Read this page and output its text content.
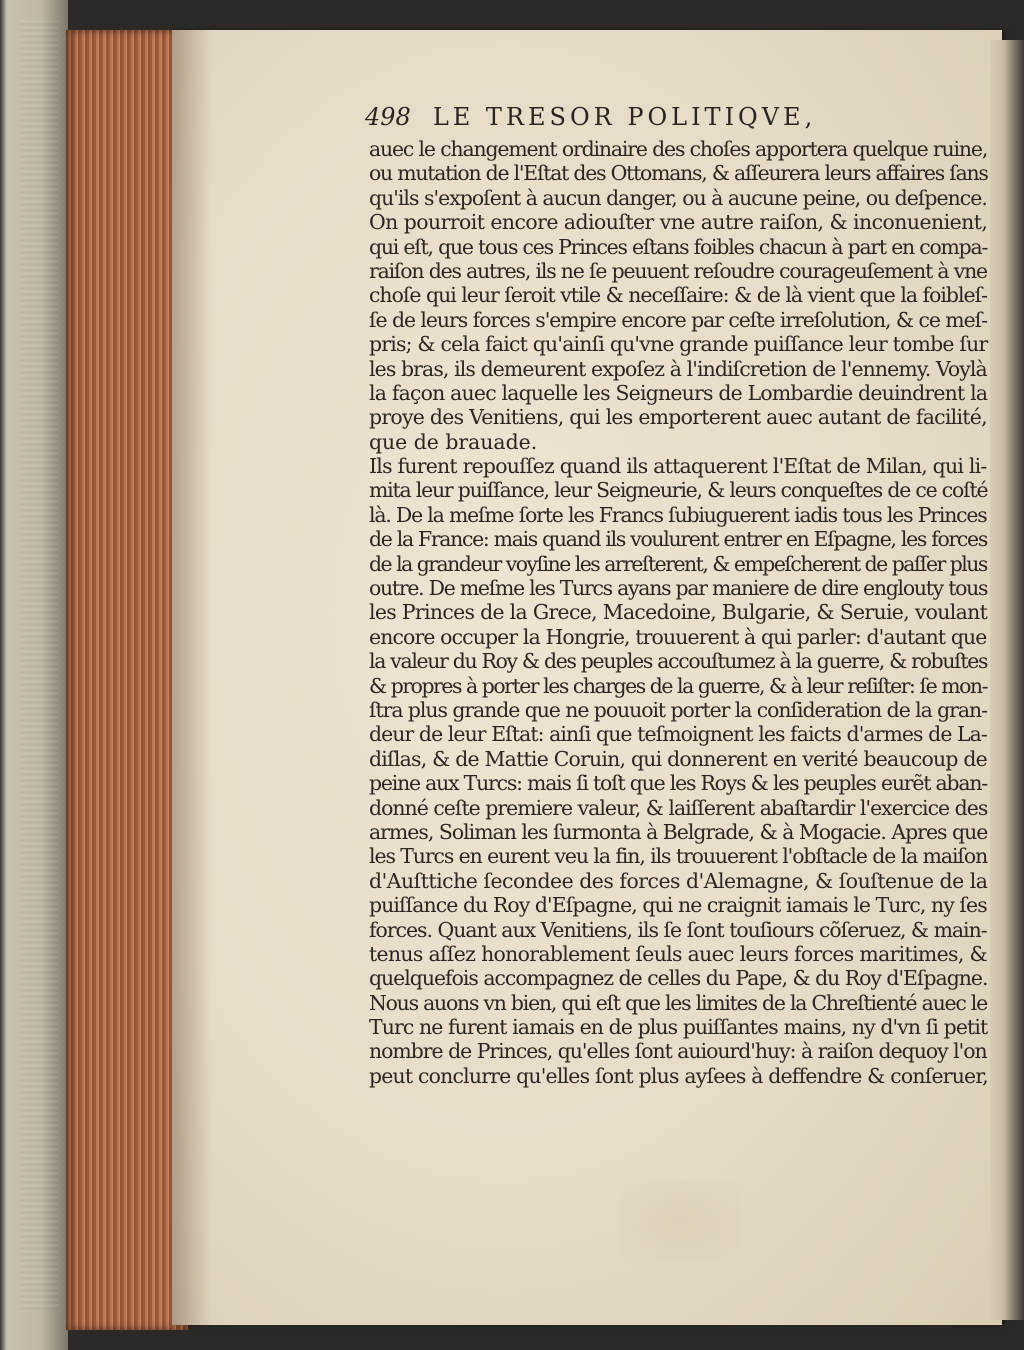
498 LE TRESOR POLITIQVE,
auec le changement ordinaire des choſes apportera quelque ruine,
ou mutation de l'Eſtat des Ottomans, & aſſeurera leurs affaires ſans
qu'ils s'expoſent à aucun danger, ou à aucune peine, ou deſpence.
On pourroit encore adiouſter vne autre raiſon, & inconuenient,
qui eſt, que tous ces Princes eſtans foibles chacun à part en compa-
raiſon des autres, ils ne ſe peuuent reſoudre courageuſement à vne
choſe qui leur ſeroit vtile & neceſſaire: & de là vient que la foibleſ-
ſe de leurs forces s'empire encore par ceſte irreſolution, & ce meſ-
pris; & cela faict qu'ainſi qu'vne grande puiſſance leur tombe ſur
les bras, ils demeurent expoſez à l'indiſcretion de l'ennemy. Voylà
la façon auec laquelle les Seigneurs de Lombardie deuindrent la
proye des Venitiens, qui les emporterent auec autant de facilité,
que de brauade.
Ils furent repouſſez quand ils attaquerent l'Eſtat de Milan, qui li-
mita leur puiſſance, leur Seigneurie, & leurs conqueſtes de ce coſté
là. De la meſme ſorte les Francs ſubiuguerent iadis tous les Princes
de la France: mais quand ils voulurent entrer en Eſpagne, les forces
de la grandeur voyſine les arreſterent, & empeſcherent de paſſer plus
outre. De meſme les Turcs ayans par maniere de dire englouty tous
les Princes de la Grece, Macedoine, Bulgarie, & Seruie, voulant
encore occuper la Hongrie, trouuerent à qui parler: d'autant que
la valeur du Roy & des peuples accouſtumez à la guerre, & robuſtes
& propres à porter les charges de la guerre, & à leur reſiſter: ſe mon-
ſtra plus grande que ne pouuoit porter la conſideration de la gran-
deur de leur Eſtat: ainſi que teſmoignent les faicts d'armes de La-
diſlas, & de Mattie Coruin, qui donnerent en verité beaucoup de
peine aux Turcs: mais ſi toſt que les Roys & les peuples eurẽt aban-
donné ceſte premiere valeur, & laiſſerent abaſtardir l'exercice des
armes, Soliman les ſurmonta à Belgrade, & à Mogacie. Apres que
les Turcs en eurent veu la fin, ils trouuerent l'obſtacle de la maiſon
d'Auſttiche ſecondee des forces d'Alemagne, & ſouſtenue de la
puiſſance du Roy d'Eſpagne, qui ne craignit iamais le Turc, ny ſes
forces. Quant aux Venitiens, ils ſe ſont touſiours cõſeruez, & main-
tenus aſſez honorablement ſeuls auec leurs forces maritimes, &
quelquefois accompagnez de celles du Pape, & du Roy d'Eſpagne.
Nous auons vn bien, qui eſt que les limites de la Chreſtienté auec le
Turc ne furent iamais en de plus puiſſantes mains, ny d'vn ſi petit
nombre de Princes, qu'elles ſont auiourd'huy: à raiſon dequoy l'on
peut conclurre qu'elles ſont plus ayſees à deffendre & conſeruer,
